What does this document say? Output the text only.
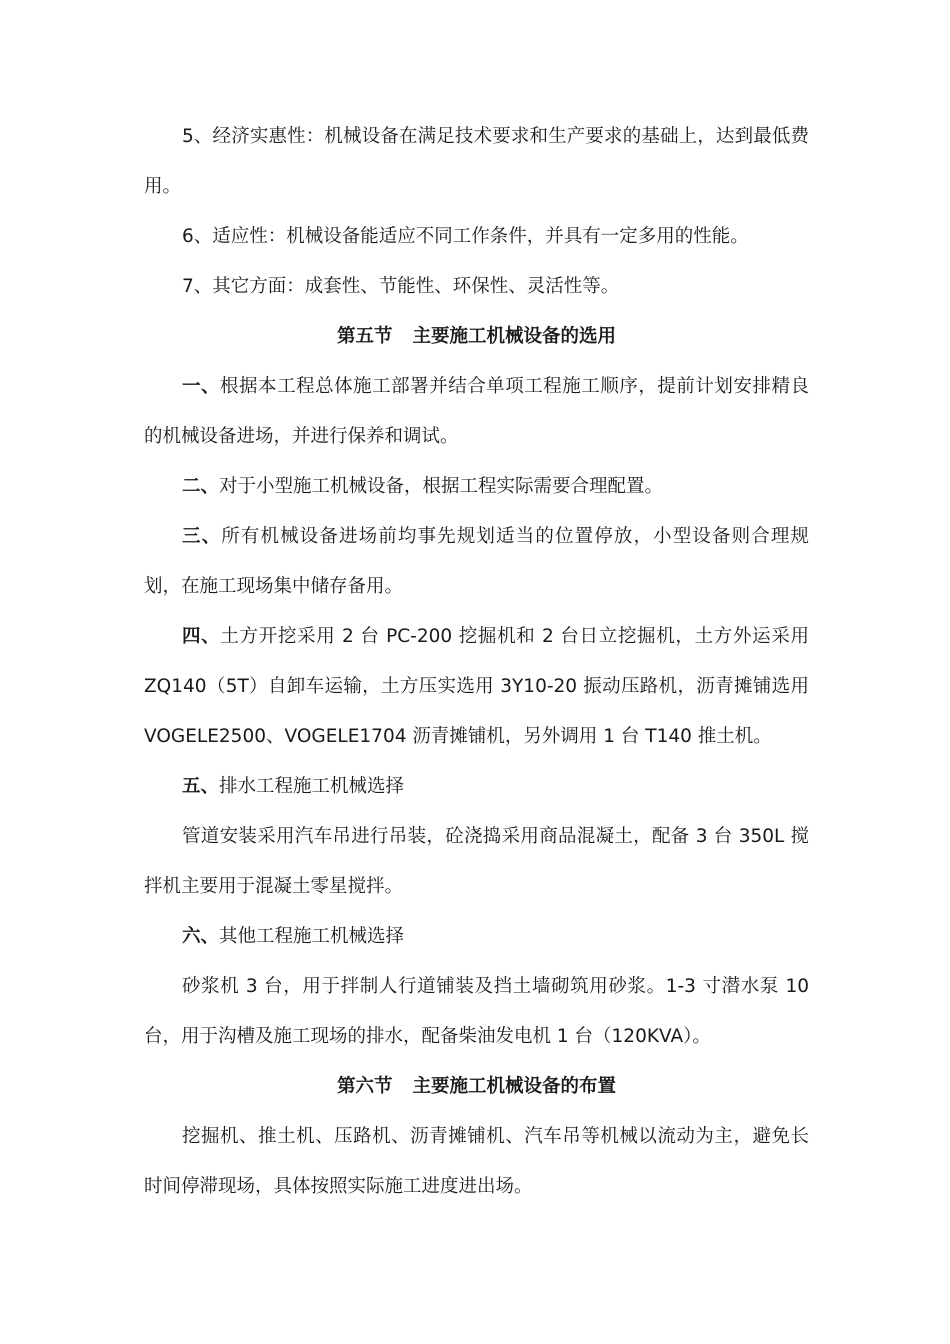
5、经济实惠性：机械设备在满足技术要求和生产要求的基础上，达到最低费用。

6、适应性：机械设备能适应不同工作条件，并具有一定多用的性能。

7、其它方面：成套性、节能性、环保性、灵活性等。

第五节 主要施工机械设备的选用

一、根据本工程总体施工部署并结合单项工程施工顺序，提前计划安排精良的机械设备进场，并进行保养和调试。

二、对于小型施工机械设备，根据工程实际需要合理配置。

三、所有机械设备进场前均事先规划适当的位置停放，小型设备则合理规划，在施工现场集中储存备用。

四、土方开挖采用 2 台 PC-200 挖掘机和 2 台日立挖掘机，土方外运采用 ZQ140（5T）自卸车运输，土方压实选用 3Y10-20 振动压路机，沥青摊铺选用 VOGELE2500、VOGELE1704 沥青摊铺机，另外调用 1 台 T140 推土机。

五、排水工程施工机械选择

管道安装采用汽车吊进行吊装，砼浇捣采用商品混凝土，配备 3 台 350L 搅拌机主要用于混凝土零星搅拌。

六、其他工程施工机械选择

砂浆机 3 台，用于拌制人行道铺装及挡土墙砌筑用砂浆。1-3 寸潜水泵 10 台，用于沟槽及施工现场的排水，配备柴油发电机 1 台（120KVA）。

第六节 主要施工机械设备的布置

挖掘机、推土机、压路机、沥青摊铺机、汽车吊等机械以流动为主，避免长时间停滞现场，具体按照实际施工进度进出场。
